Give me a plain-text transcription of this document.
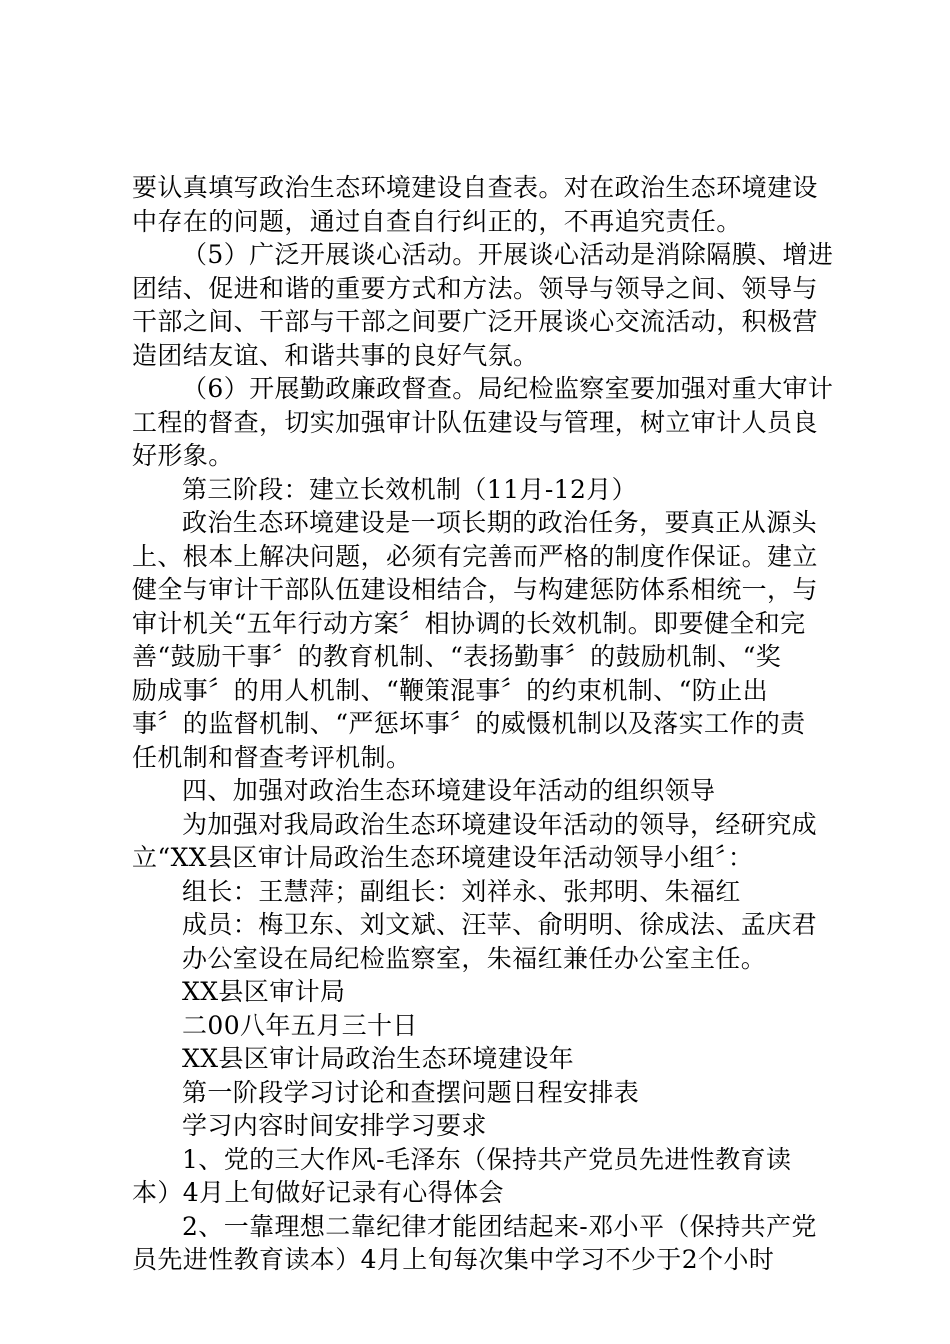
要认真填写政治生态环境建设自查表。对在政治生态环境建设
中存在的问题，通过自查自行纠正的，不再追究责任。
（5）广泛开展谈心活动。开展谈心活动是消除隔膜、增进
团结、促进和谐的重要方式和方法。领导与领导之间、领导与
干部之间、干部与干部之间要广泛开展谈心交流活动，积极营
造团结友谊、和谐共事的良好气氛。
（6）开展勤政廉政督查。局纪检监察室要加强对重大审计
工程的督查，切实加强审计队伍建设与管理，树立审计人员良
好形象。
第三阶段：建立长效机制（11月-12月）
政治生态环境建设是一项长期的政治任务，要真正从源头
上、根本上解决问题，必须有完善而严格的制度作保证。建立
健全与审计干部队伍建设相结合，与构建惩防体系相统一，与
审计机关“五年行动方案〞相协调的长效机制。即要健全和完
善“鼓励干事〞的教育机制、“表扬勤事〞的鼓励机制、“奖
励成事〞的用人机制、“鞭策混事〞的约束机制、“防止出
事〞的监督机制、“严惩坏事〞的威慑机制以及落实工作的责
任机制和督查考评机制。
四、加强对政治生态环境建设年活动的组织领导
为加强对我局政治生态环境建设年活动的领导，经研究成
立“XX县区审计局政治生态环境建设年活动领导小组〞：
组长：王慧萍；副组长：刘祥永、张邦明、朱福红
成员：梅卫东、刘文斌、汪苹、俞明明、徐成法、孟庆君
办公室设在局纪检监察室，朱福红兼任办公室主任。
XX县区审计局
二00八年五月三十日
XX县区审计局政治生态环境建设年
第一阶段学习讨论和查摆问题日程安排表
学习内容时间安排学习要求
1、党的三大作风-毛泽东（保持共产党员先进性教育读
本）4月上旬做好记录有心得体会
2、一靠理想二靠纪律才能团结起来-邓小平（保持共产党
员先进性教育读本）4月上旬每次集中学习不少于2个小时
